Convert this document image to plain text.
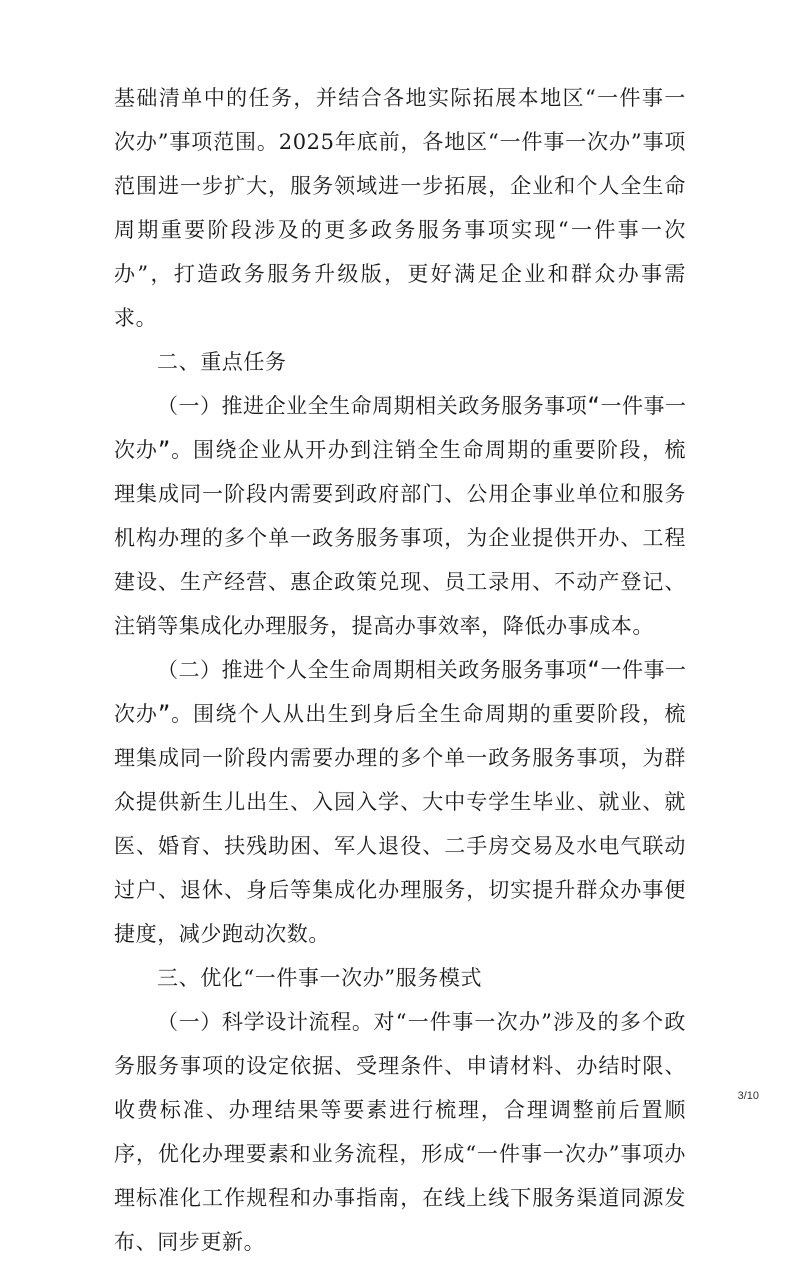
基础清单中的任务，并结合各地实际拓展本地区“一件事一次办”事项范围。2025年底前，各地区“一件事一次办”事项范围进一步扩大，服务领域进一步拓展，企业和个人全生命周期重要阶段涉及的更多政务服务事项实现“一件事一次办”，打造政务服务升级版，更好满足企业和群众办事需求。

二、重点任务

（一）推进企业全生命周期相关政务服务事项“一件事一次办”。围绕企业从开办到注销全生命周期的重要阶段，梳理集成同一阶段内需要到政府部门、公用企事业单位和服务机构办理的多个单一政务服务事项，为企业提供开办、工程建设、生产经营、惠企政策兑现、员工录用、不动产登记、注销等集成化办理服务，提高办事效率，降低办事成本。

（二）推进个人全生命周期相关政务服务事项“一件事一次办”。围绕个人从出生到身后全生命周期的重要阶段，梳理集成同一阶段内需要办理的多个单一政务服务事项，为群众提供新生儿出生、入园入学、大中专学生毕业、就业、就医、婚育、扶残助困、军人退役、二手房交易及水电气联动过户、退休、身后等集成化办理服务，切实提升群众办事便捷度，减少跑动次数。

三、优化“一件事一次办”服务模式

（一）科学设计流程。对“一件事一次办”涉及的多个政务服务事项的设定依据、受理条件、申请材料、办结时限、收费标准、办理结果等要素进行梳理，合理调整前后置顺序，优化办理要素和业务流程，形成“一件事一次办”事项办理标准化工作规程和办事指南，在线上线下服务渠道同源发布、同步更新。

3/10
